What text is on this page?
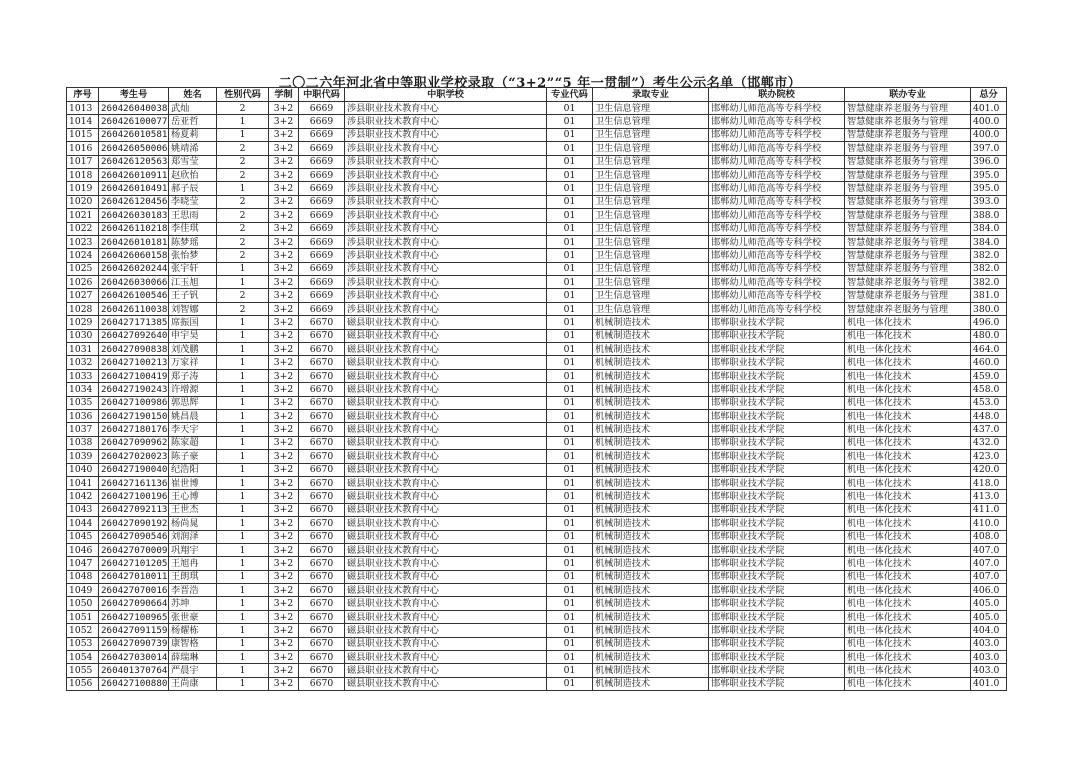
二〇二六年河北省中等职业学校录取（“3+2”“5 年一贯制”）考生公示名单（邯郸市）
序号	考生号	姓名	性别代码	学制	中职代码	中职学校	专业代码	录取专业	联办院校	联办专业	总分
1013	260426040038	武灿	2	3+2	6669	涉县职业技术教育中心	01	卫生信息管理	邯郸幼儿师范高等专科学校	智慧健康养老服务与管理	401.0
1014	260426100077	岳亚哲	1	3+2	6669	涉县职业技术教育中心	01	卫生信息管理	邯郸幼儿师范高等专科学校	智慧健康养老服务与管理	400.0
1015	260426010581	杨夏莉	1	3+2	6669	涉县职业技术教育中心	01	卫生信息管理	邯郸幼儿师范高等专科学校	智慧健康养老服务与管理	400.0
1016	260426050006	姚靖浠	2	3+2	6669	涉县职业技术教育中心	01	卫生信息管理	邯郸幼儿师范高等专科学校	智慧健康养老服务与管理	397.0
1017	260426120563	郑雪莹	2	3+2	6669	涉县职业技术教育中心	01	卫生信息管理	邯郸幼儿师范高等专科学校	智慧健康养老服务与管理	396.0
1018	260426010911	赵欣怡	2	3+2	6669	涉县职业技术教育中心	01	卫生信息管理	邯郸幼儿师范高等专科学校	智慧健康养老服务与管理	395.0
1019	260426010491	郝子辰	1	3+2	6669	涉县职业技术教育中心	01	卫生信息管理	邯郸幼儿师范高等专科学校	智慧健康养老服务与管理	395.0
1020	260426120456	李晓莹	2	3+2	6669	涉县职业技术教育中心	01	卫生信息管理	邯郸幼儿师范高等专科学校	智慧健康养老服务与管理	393.0
1021	260426030183	王思雨	2	3+2	6669	涉县职业技术教育中心	01	卫生信息管理	邯郸幼儿师范高等专科学校	智慧健康养老服务与管理	388.0
1022	260426110218	李佳琪	2	3+2	6669	涉县职业技术教育中心	01	卫生信息管理	邯郸幼儿师范高等专科学校	智慧健康养老服务与管理	384.0
1023	260426010181	陈梦瑶	2	3+2	6669	涉县职业技术教育中心	01	卫生信息管理	邯郸幼儿师范高等专科学校	智慧健康养老服务与管理	384.0
1024	260426060158	张怡梦	2	3+2	6669	涉县职业技术教育中心	01	卫生信息管理	邯郸幼儿师范高等专科学校	智慧健康养老服务与管理	382.0
1025	260426020244	张宇轩	1	3+2	6669	涉县职业技术教育中心	01	卫生信息管理	邯郸幼儿师范高等专科学校	智慧健康养老服务与管理	382.0
1026	260426030066	江玉旭	1	3+2	6669	涉县职业技术教育中心	01	卫生信息管理	邯郸幼儿师范高等专科学校	智慧健康养老服务与管理	382.0
1027	260426100546	王子钒	2	3+2	6669	涉县职业技术教育中心	01	卫生信息管理	邯郸幼儿师范高等专科学校	智慧健康养老服务与管理	381.0
1028	260426110038	刘智娜	2	3+2	6669	涉县职业技术教育中心	01	卫生信息管理	邯郸幼儿师范高等专科学校	智慧健康养老服务与管理	380.0
1029	260427171385	席振国	1	3+2	6670	磁县职业技术教育中心	01	机械制造技术	邯郸职业技术学院	机电一体化技术	496.0
1030	260427092640	申宇昊	1	3+2	6670	磁县职业技术教育中心	01	机械制造技术	邯郸职业技术学院	机电一体化技术	480.0
1031	260427090838	刘茂鹏	1	3+2	6670	磁县职业技术教育中心	01	机械制造技术	邯郸职业技术学院	机电一体化技术	464.0
1032	260427100213	万家祥	1	3+2	6670	磁县职业技术教育中心	01	机械制造技术	邯郸职业技术学院	机电一体化技术	460.0
1033	260427100419	郑子涛	1	3+2	6670	磁县职业技术教育中心	01	机械制造技术	邯郸职业技术学院	机电一体化技术	459.0
1034	260427190243	许增源	1	3+2	6670	磁县职业技术教育中心	01	机械制造技术	邯郸职业技术学院	机电一体化技术	458.0
1035	260427100986	郭思辉	1	3+2	6670	磁县职业技术教育中心	01	机械制造技术	邯郸职业技术学院	机电一体化技术	453.0
1036	260427190150	姚昌晨	1	3+2	6670	磁县职业技术教育中心	01	机械制造技术	邯郸职业技术学院	机电一体化技术	448.0
1037	260427180176	李天宇	1	3+2	6670	磁县职业技术教育中心	01	机械制造技术	邯郸职业技术学院	机电一体化技术	437.0
1038	260427090962	陈家超	1	3+2	6670	磁县职业技术教育中心	01	机械制造技术	邯郸职业技术学院	机电一体化技术	432.0
1039	260427020023	陈子豪	1	3+2	6670	磁县职业技术教育中心	01	机械制造技术	邯郸职业技术学院	机电一体化技术	423.0
1040	260427190040	纪浩阳	1	3+2	6670	磁县职业技术教育中心	01	机械制造技术	邯郸职业技术学院	机电一体化技术	420.0
1041	260427161136	崔世博	1	3+2	6670	磁县职业技术教育中心	01	机械制造技术	邯郸职业技术学院	机电一体化技术	418.0
1042	260427100196	王心博	1	3+2	6670	磁县职业技术教育中心	01	机械制造技术	邯郸职业技术学院	机电一体化技术	413.0
1043	260427092113	王世杰	1	3+2	6670	磁县职业技术教育中心	01	机械制造技术	邯郸职业技术学院	机电一体化技术	411.0
1044	260427090192	杨尚晁	1	3+2	6670	磁县职业技术教育中心	01	机械制造技术	邯郸职业技术学院	机电一体化技术	410.0
1045	260427090546	刘润泽	1	3+2	6670	磁县职业技术教育中心	01	机械制造技术	邯郸职业技术学院	机电一体化技术	408.0
1046	260427070009	巩翔宇	1	3+2	6670	磁县职业技术教育中心	01	机械制造技术	邯郸职业技术学院	机电一体化技术	407.0
1047	260427101205	王旭冉	1	3+2	6670	磁县职业技术教育中心	01	机械制造技术	邯郸职业技术学院	机电一体化技术	407.0
1048	260427010011	王朗琪	1	3+2	6670	磁县职业技术教育中心	01	机械制造技术	邯郸职业技术学院	机电一体化技术	407.0
1049	260427070016	李晋浩	1	3+2	6670	磁县职业技术教育中心	01	机械制造技术	邯郸职业技术学院	机电一体化技术	406.0
1050	260427090664	苏坤	1	3+2	6670	磁县职业技术教育中心	01	机械制造技术	邯郸职业技术学院	机电一体化技术	405.0
1051	260427100965	张世豪	1	3+2	6670	磁县职业技术教育中心	01	机械制造技术	邯郸职业技术学院	机电一体化技术	405.0
1052	260427091159	杨耀栋	1	3+2	6670	磁县职业技术教育中心	01	机械制造技术	邯郸职业技术学院	机电一体化技术	404.0
1053	260427090739	康智格	1	3+2	6670	磁县职业技术教育中心	01	机械制造技术	邯郸职业技术学院	机电一体化技术	403.0
1054	260427030014	薛瑞琳	1	3+2	6670	磁县职业技术教育中心	01	机械制造技术	邯郸职业技术学院	机电一体化技术	403.0
1055	260401370764	严晨宇	1	3+2	6670	磁县职业技术教育中心	01	机械制造技术	邯郸职业技术学院	机电一体化技术	403.0
1056	260427100880	王尚康	1	3+2	6670	磁县职业技术教育中心	01	机械制造技术	邯郸职业技术学院	机电一体化技术	401.0
